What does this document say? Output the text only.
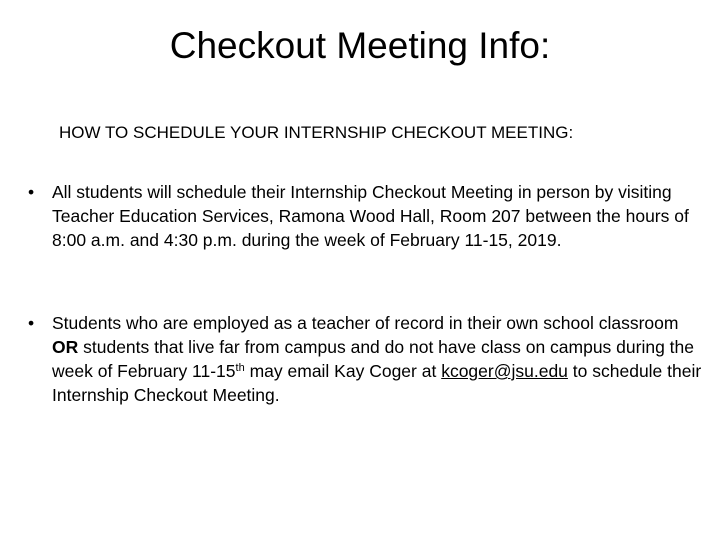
Checkout Meeting Info:

HOW TO SCHEDULE YOUR INTERNSHIP CHECKOUT MEETING:

•	All students will schedule their Internship Checkout Meeting in person by visiting Teacher Education Services, Ramona Wood Hall, Room 207 between the hours of 8:00 a.m. and 4:30 p.m. during the week of February 11-15, 2019.
•	Students who are employed as a teacher of record in their own school classroom OR students that live far from campus and do not have class on campus during the week of February 11-15th may email Kay Coger at kcoger@jsu.edu to schedule their Internship Checkout Meeting.
